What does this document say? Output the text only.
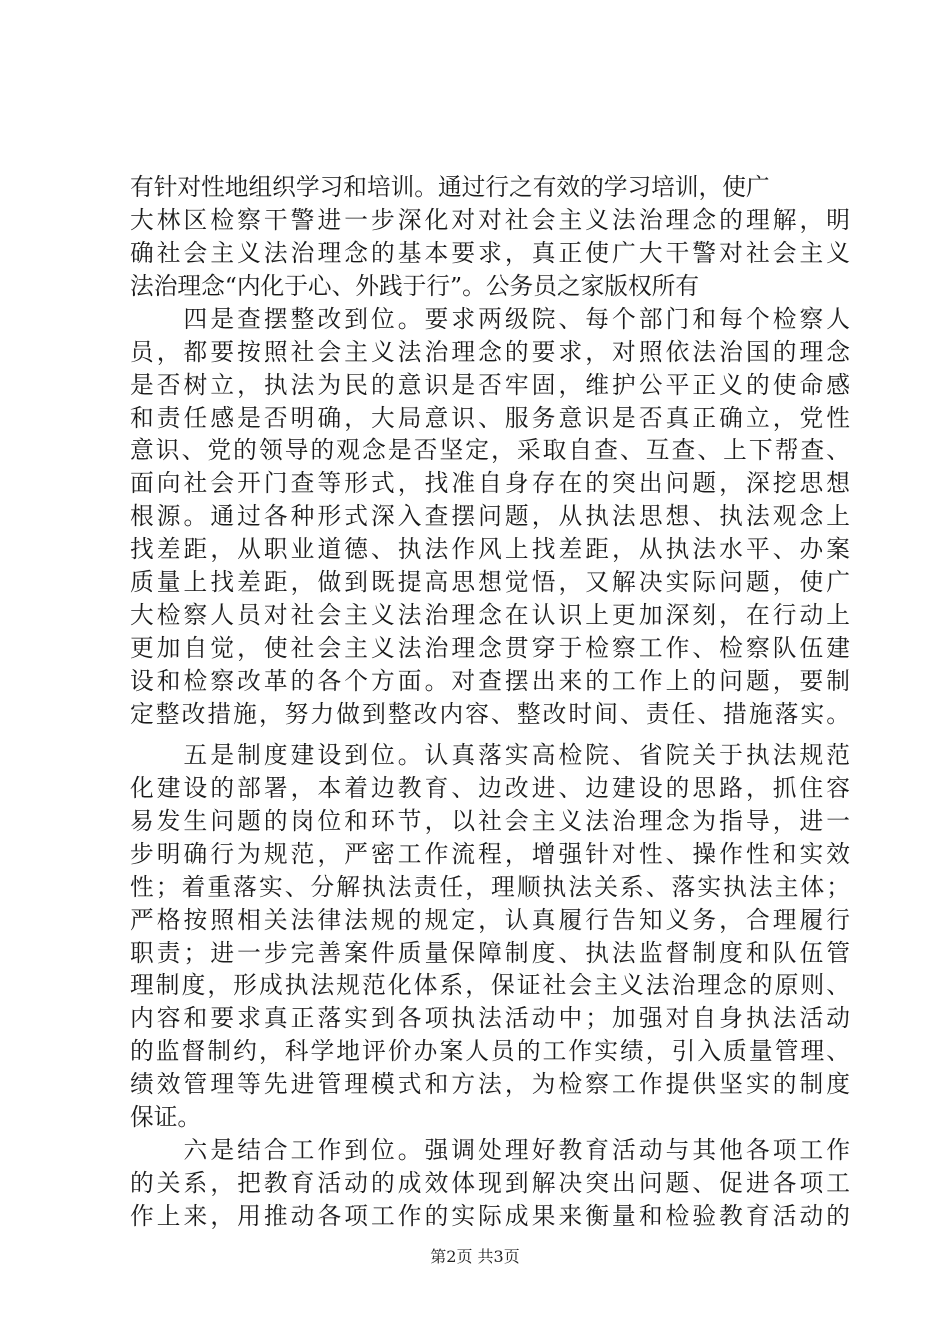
有针对性地组织学习和培训。通过行之有效的学习培训，使广
大林区检察干警进一步深化对对社会主义法治理念的理解，明
确社会主义法治理念的基本要求，真正使广大干警对社会主义
法治理念“内化于心、外践于行”。公务员之家版权所有
　　四是查摆整改到位。要求两级院、每个部门和每个检察人
员，都要按照社会主义法治理念的要求，对照依法治国的理念
是否树立，执法为民的意识是否牢固，维护公平正义的使命感
和责任感是否明确，大局意识、服务意识是否真正确立，党性
意识、党的领导的观念是否坚定，采取自查、互查、上下帮查、
面向社会开门查等形式，找准自身存在的突出问题，深挖思想
根源。通过各种形式深入查摆问题，从执法思想、执法观念上
找差距，从职业道德、执法作风上找差距，从执法水平、办案
质量上找差距，做到既提高思想觉悟，又解决实际问题，使广
大检察人员对社会主义法治理念在认识上更加深刻，在行动上
更加自觉，使社会主义法治理念贯穿于检察工作、检察队伍建
设和检察改革的各个方面。对查摆出来的工作上的问题，要制
定整改措施，努力做到整改内容、整改时间、责任、措施落实。
　　五是制度建设到位。认真落实高检院、省院关于执法规范
化建设的部署，本着边教育、边改进、边建设的思路，抓住容
易发生问题的岗位和环节，以社会主义法治理念为指导，进一
步明确行为规范，严密工作流程，增强针对性、操作性和实效
性；着重落实、分解执法责任，理顺执法关系、落实执法主体；
严格按照相关法律法规的规定，认真履行告知义务，合理履行
职责；进一步完善案件质量保障制度、执法监督制度和队伍管
理制度，形成执法规范化体系，保证社会主义法治理念的原则、
内容和要求真正落实到各项执法活动中；加强对自身执法活动
的监督制约，科学地评价办案人员的工作实绩，引入质量管理、
绩效管理等先进管理模式和方法，为检察工作提供坚实的制度
保证。
　　六是结合工作到位。强调处理好教育活动与其他各项工作
的关系，把教育活动的成效体现到解决突出问题、促进各项工
作上来，用推动各项工作的实际成果来衡量和检验教育活动的
第2页 共3页
